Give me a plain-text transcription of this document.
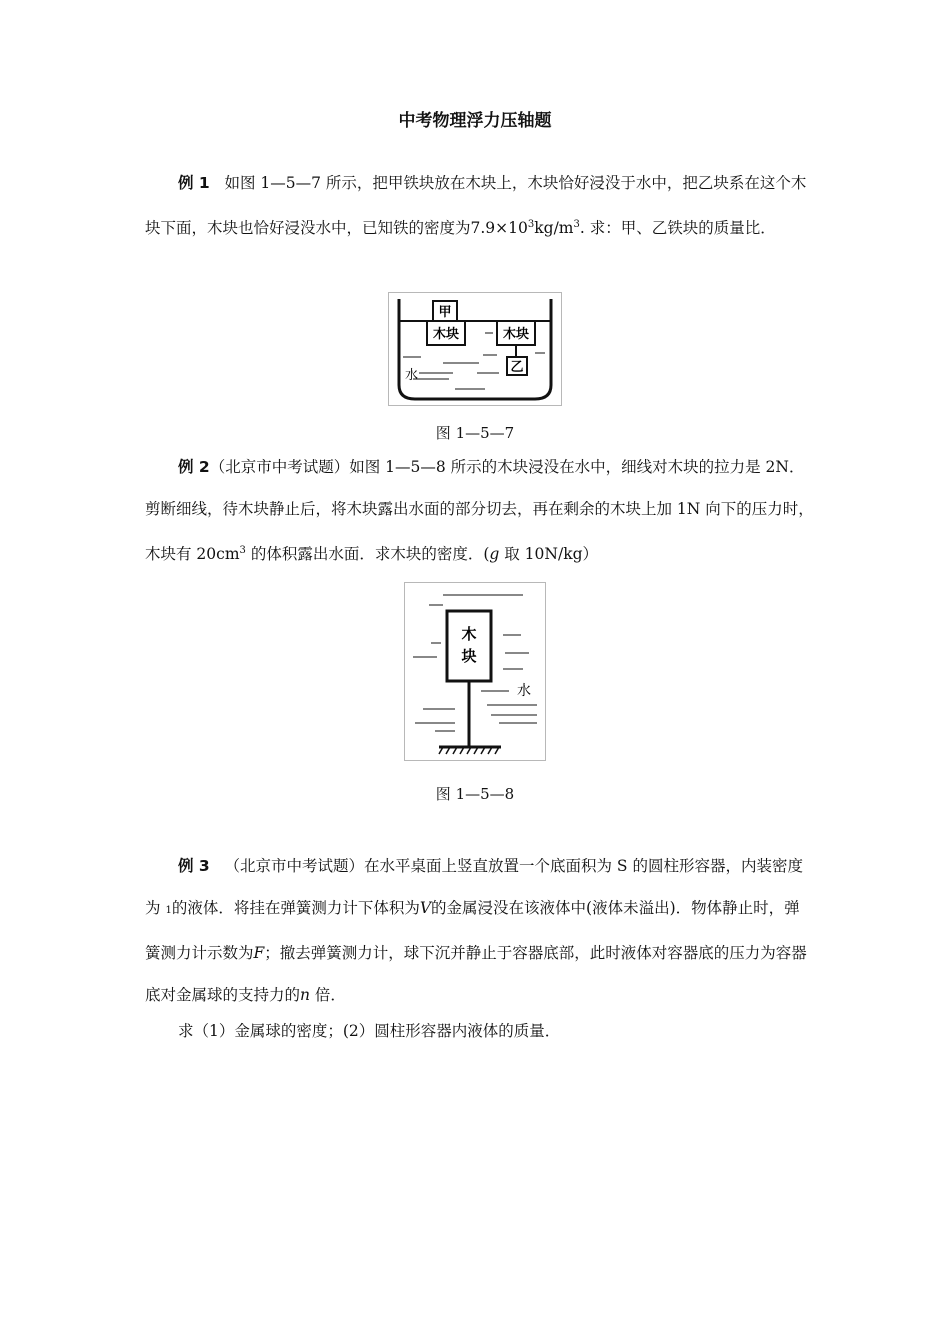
中考物理浮力压轴题

例 1 如图 1—5—7 所示，把甲铁块放在木块上，木块恰好浸没于水中，把乙块系在这个木块下面，木块也恰好浸没水中，已知铁的密度为$7.9\times 10^3kg/m^3$. 求：甲、乙铁块的质量比．

甲
木块	木块
乙
水
图 1—5—7

例 2（北京市中考试题）如图 1—5—8 所示的木块浸没在水中，细线对木块的拉力是 2N．剪断细线，待木块静止后，将木块露出水面的部分切去，再在剩余的木块上加 1N 向下的压力时，木块有 $20cm^3$ 的体积露出水面．求木块的密度．(g 取 10N/kg）

木
块
水
图 1—5—8

例 3 （北京市中考试题）在水平桌面上竖直放置一个底面积为 S 的圆柱形容器，内装密度为 1的液体．将挂在弹簧测力计下体积为V的金属浸没在该液体中(液体未溢出)．物体静止时，弹簧测力计示数为F；撤去弹簧测力计，球下沉并静止于容器底部，此时液体对容器底的压力为容器底对金属球的支持力的n 倍．

求（1）金属球的密度；(2）圆柱形容器内液体的质量．
